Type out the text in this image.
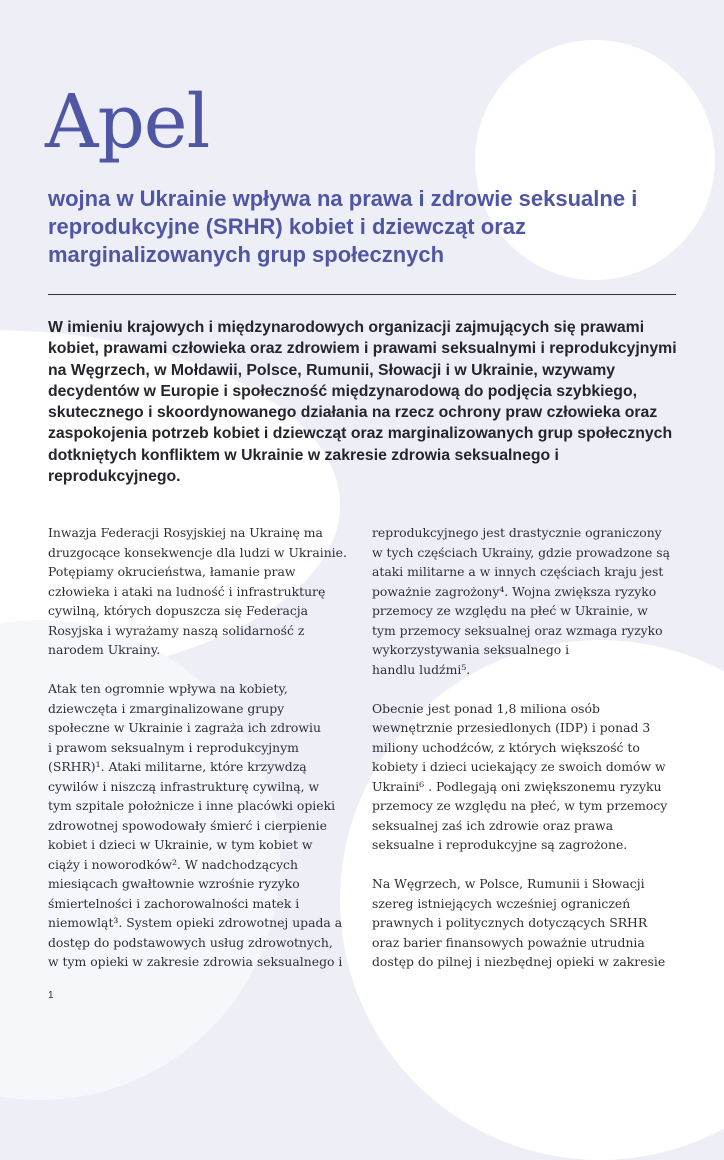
Apel
wojna w Ukrainie wpływa na prawa i zdrowie seksualne i reprodukcyjne (SRHR) kobiet i dziewcząt oraz marginalizowanych grup społecznych

W imieniu krajowych i międzynarodowych organizacji zajmujących się prawami kobiet, prawami człowieka oraz zdrowiem i prawami seksualnymi i reprodukcyjnymi na Węgrzech, w Mołdawii, Polsce, Rumunii, Słowacji i w Ukrainie, wzywamy decydentów w Europie i społeczność międzynarodową do podjęcia szybkiego, skutecznego i skoordynowanego działania na rzecz ochrony praw człowieka oraz zaspokojenia potrzeb kobiet i dziewcząt oraz marginalizowanych grup społecznych dotkniętych konfliktem w Ukrainie w zakresie zdrowia seksualnego i reprodukcyjnego.

Inwazja Federacji Rosyjskiej na Ukrainę ma
druzgocące konsekwencje dla ludzi w Ukrainie.
Potępiamy okrucieństwa, łamanie praw
człowieka i ataki na ludność i infrastrukturę
cywilną, których dopuszcza się Federacja
Rosyjska i wyrażamy naszą solidarność z
narodem Ukrainy.

Atak ten ogromnie wpływa na kobiety,
dziewczęta i zmarginalizowane grupy
społeczne w Ukrainie i zagraża ich zdrowiu
i prawom seksualnym i reprodukcyjnym
(SRHR)¹. Ataki militarne, które krzywdzą
cywilów i niszczą infrastrukturę cywilną, w
tym szpitale położnicze i inne placówki opieki
zdrowotnej spowodowały śmierć i cierpienie
kobiet i dzieci w Ukrainie, w tym kobiet w
ciąży i noworodków². W nadchodzących
miesiącach gwałtownie wzrośnie ryzyko
śmiertelności i zachorowalności matek i
niemowląt³. System opieki zdrowotnej upada a
dostęp do podstawowych usług zdrowotnych,
w tym opieki w zakresie zdrowia seksualnego i

reprodukcyjnego jest drastycznie ograniczony
w tych częściach Ukrainy, gdzie prowadzone są
ataki militarne a w innych częściach kraju jest
poważnie zagrożony⁴. Wojna zwiększa ryzyko
przemocy ze względu na płeć w Ukrainie, w
tym przemocy seksualnej oraz wzmaga ryzyko
wykorzystywania seksualnego i
handlu ludźmi⁵.

Obecnie jest ponad 1,8 miliona osób
wewnętrznie przesiedlonych (IDP) i ponad 3
miliony uchodźców, z których większość to
kobiety i dzieci uciekający ze swoich domów w
Ukraini⁶ . Podlegają oni zwiększonemu ryzyku
przemocy ze względu na płeć, w tym przemocy
seksualnej zaś ich zdrowie oraz prawa
seksualne i reprodukcyjne są zagrożone.

Na Węgrzech, w Polsce, Rumunii i Słowacji
szereg istniejących wcześniej ograniczeń
prawnych i politycznych dotyczących SRHR
oraz barier finansowych poważnie utrudnia
dostęp do pilnej i niezbędnej opieki w zakresie

1
